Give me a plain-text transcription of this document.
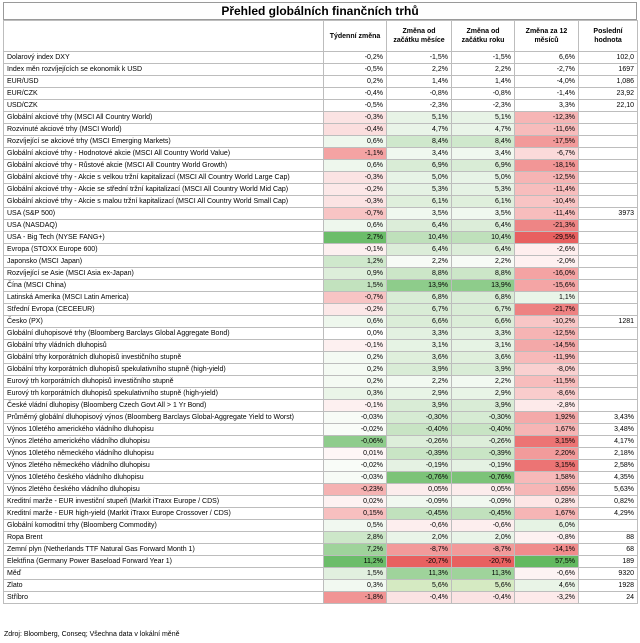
Přehled globálních finančních trhů
	Týdenní změna	Změna od začátku měsíce	Změna od začátku roku	Změna za 12 měsíců	Poslední hodnota
Dolarový index DXY	-0,2%	-1,5%	-1,5%	6,6%	102,0
Index měn rozvíjejících se ekonomik k USD	-0,5%	2,2%	2,2%	-2,7%	1697
EUR/USD	0,2%	1,4%	1,4%	-4,0%	1,086
EUR/CZK	-0,4%	-0,8%	-0,8%	-1,4%	23,92
USD/CZK	-0,5%	-2,3%	-2,3%	3,3%	22,10
Globální akciové trhy (MSCI All Country World)	-0,3%	5,1%	5,1%	-12,3%	
Rozvinuté akciové trhy (MSCI World)	-0,4%	4,7%	4,7%	-11,6%	
Rozvíjející se akciové trhy (MSCI Emerging Markets)	0,6%	8,4%	8,4%	-17,5%	
Globální akciové trhy - Hodnotové akcie (MSCI All Country World Value)	-1,1%	3,4%	3,4%	-6,7%	
Globální akciové trhy - Růstové akcie (MSCI All Country World Growth)	0,6%	6,9%	6,9%	-18,1%	
Globální akciové trhy - Akcie s velkou tržní kapitalizací (MSCI All Country World Large Cap)	-0,3%	5,0%	5,0%	-12,5%	
Globální akciové trhy - Akcie se střední tržní kapitalizací (MSCI All Country World Mid Cap)	-0,2%	5,3%	5,3%	-11,4%	
Globální akciové trhy - Akcie s malou tržní kapitalizací (MSCI All Country World Small Cap)	-0,3%	6,1%	6,1%	-10,4%	
USA (S&P 500)	-0,7%	3,5%	3,5%	-11,4%	3973
USA (NASDAQ)	0,6%	6,4%	6,4%	-21,3%	
USA - Big Tech (NYSE FANG+)	2,7%	10,4%	10,4%	-29,5%	
Evropa (STOXX Europe 600)	-0,1%	6,4%	6,4%	-2,6%	
Japonsko (MSCI Japan)	1,2%	2,2%	2,2%	-2,0%	
Rozvíjející se Asie (MSCI Asia ex-Japan)	0,9%	8,8%	8,8%	-16,0%	
Čína (MSCI China)	1,5%	13,9%	13,9%	-15,6%	
Latinská Amerika (MSCI Latin America)	-0,7%	6,8%	6,8%	1,1%	
Střední Evropa (CECEEUR)	-0,2%	6,7%	6,7%	-21,7%	
Česko (PX)	0,6%	6,6%	6,6%	-10,2%	1281
Globální dluhopisové trhy (Bloomberg Barclays Global Aggregate Bond)	0,0%	3,3%	3,3%	-12,5%	
Globální trhy vládních dluhopisů	-0,1%	3,1%	3,1%	-14,5%	
Globální trhy korporátních dluhopisů investičního stupně	0,2%	3,6%	3,6%	-11,9%	
Globální trhy korporátních dluhopisů spekulativního stupně (high-yield)	0,2%	3,9%	3,9%	-8,0%	
Eurový trh korporátních dluhopisů investičního stupně	0,2%	2,2%	2,2%	-11,5%	
Eurový trh korporátních dluhopisů spekulativního stupně (high-yield)	0,3%	2,9%	2,9%	-8,6%	
České vládní dluhopisy (Bloomberg Czech Govt All > 1 Yr Bond)	-0,1%	3,9%	3,9%	-2,8%	
Průměrný globální dluhopisový výnos (Bloomberg Barclays Global-Aggregate Yield to Worst)	-0,03%	-0,30%	-0,30%	1,92%	3,43%
Výnos 10letého amerického vládního dluhopisu	-0,02%	-0,40%	-0,40%	1,67%	3,48%
Výnos 2letého amerického vládního dluhopisu	-0,06%	-0,26%	-0,26%	3,15%	4,17%
Výnos 10letého německého vládního dluhopisu	0,01%	-0,39%	-0,39%	2,20%	2,18%
Výnos 2letého německého vládního dluhopisu	-0,02%	-0,19%	-0,19%	3,15%	2,58%
Výnos 10letého českého vládního dluhopisu	-0,03%	-0,76%	-0,76%	1,58%	4,35%
Výnos 2letého českého vládního dluhopisu	-0,23%	0,05%	0,05%	1,65%	5,63%
Kreditní marže - EUR investiční stupeň (Markit iTraxx Europe / CDS)	0,02%	-0,09%	-0,09%	0,28%	0,82%
Kreditní marže - EUR high-yield (Markit iTraxx Europe Crossover / CDS)	0,15%	-0,45%	-0,45%	1,67%	4,29%
Globální komoditní trhy (Bloomberg Commodity)	0,5%	-0,6%	-0,6%	6,0%	
Ropa Brent	2,8%	2,0%	2,0%	-0,8%	88
Zemní plyn (Netherlands TTF Natural Gas Forward Month 1)	7,2%	-8,7%	-8,7%	-14,1%	68
Elektřina (Germany Power Baseload Forward Year 1)	11,2%	-20,7%	-20,7%	57,5%	189
Měď	1,5%	11,3%	11,3%	-0,6%	9320
Zlato	0,3%	5,6%	5,6%	4,6%	1928
Stříbro	-1,8%	-0,4%	-0,4%	-3,2%	24
Zdroj: Bloomberg, Conseq; Všechna data v lokální měně
